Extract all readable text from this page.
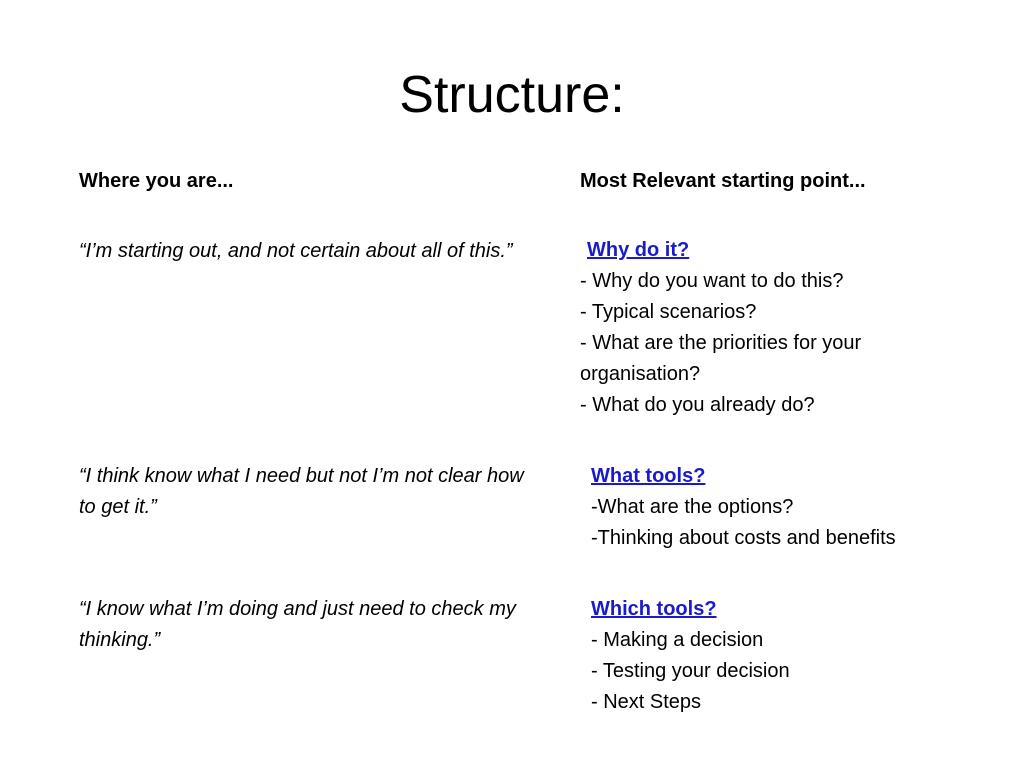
Structure:
Where you are...	Most Relevant starting point...
“I’m starting out, and not certain about all of this.”	Why do it?
- Why do you want to do this?
- Typical scenarios?
- What are the priorities for your organisation?
- What do you already do?
“I think know what I need but not I’m not clear how to get it.”
What tools?
-What are the options?
-Thinking about costs and benefits
“I know what I’m doing and just need to check my thinking.”
Which tools?
- Making a decision
- Testing your decision
- Next Steps
